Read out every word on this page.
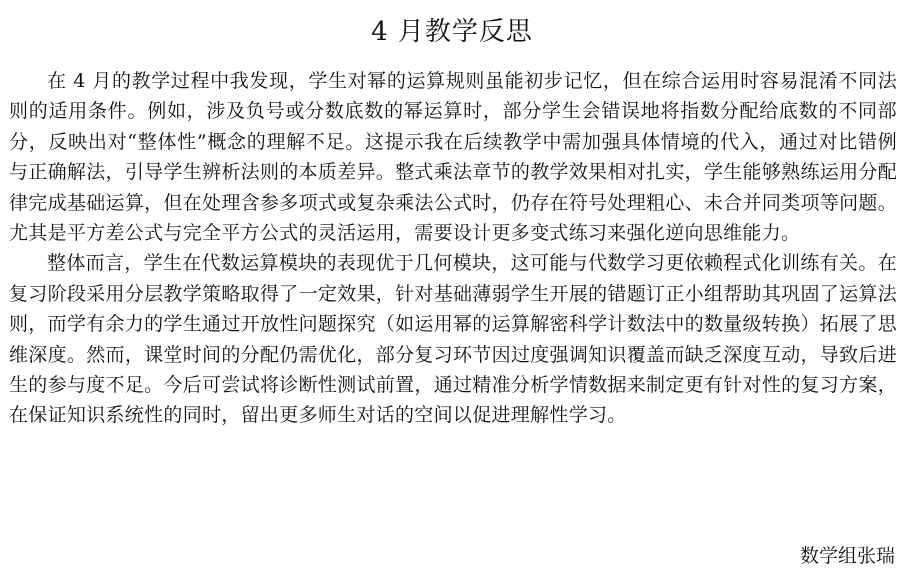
4 月教学反思

在 4 月的教学过程中我发现，学生对幂的运算规则虽能初步记忆，但在综合运用时容易混淆不同法则的适用条件。例如，涉及负号或分数底数的幂运算时，部分学生会错误地将指数分配给底数的不同部分，反映出对“整体性”概念的理解不足。这提示我在后续教学中需加强具体情境的代入，通过对比错例与正确解法，引导学生辨析法则的本质差异。整式乘法章节的教学效果相对扎实，学生能够熟练运用分配律完成基础运算，但在处理含参多项式或复杂乘法公式时，仍存在符号处理粗心、未合并同类项等问题。尤其是平方差公式与完全平方公式的灵活运用，需要设计更多变式练习来强化逆向思维能力。

整体而言，学生在代数运算模块的表现优于几何模块，这可能与代数学习更依赖程式化训练有关。在复习阶段采用分层教学策略取得了一定效果，针对基础薄弱学生开展的错题订正小组帮助其巩固了运算法则，而学有余力的学生通过开放性问题探究（如运用幂的运算解密科学计数法中的数量级转换）拓展了思维深度。然而，课堂时间的分配仍需优化，部分复习环节因过度强调知识覆盖而缺乏深度互动，导致后进生的参与度不足。今后可尝试将诊断性测试前置，通过精准分析学情数据来制定更有针对性的复习方案，在保证知识系统性的同时，留出更多师生对话的空间以促进理解性学习。

数学组张瑞
